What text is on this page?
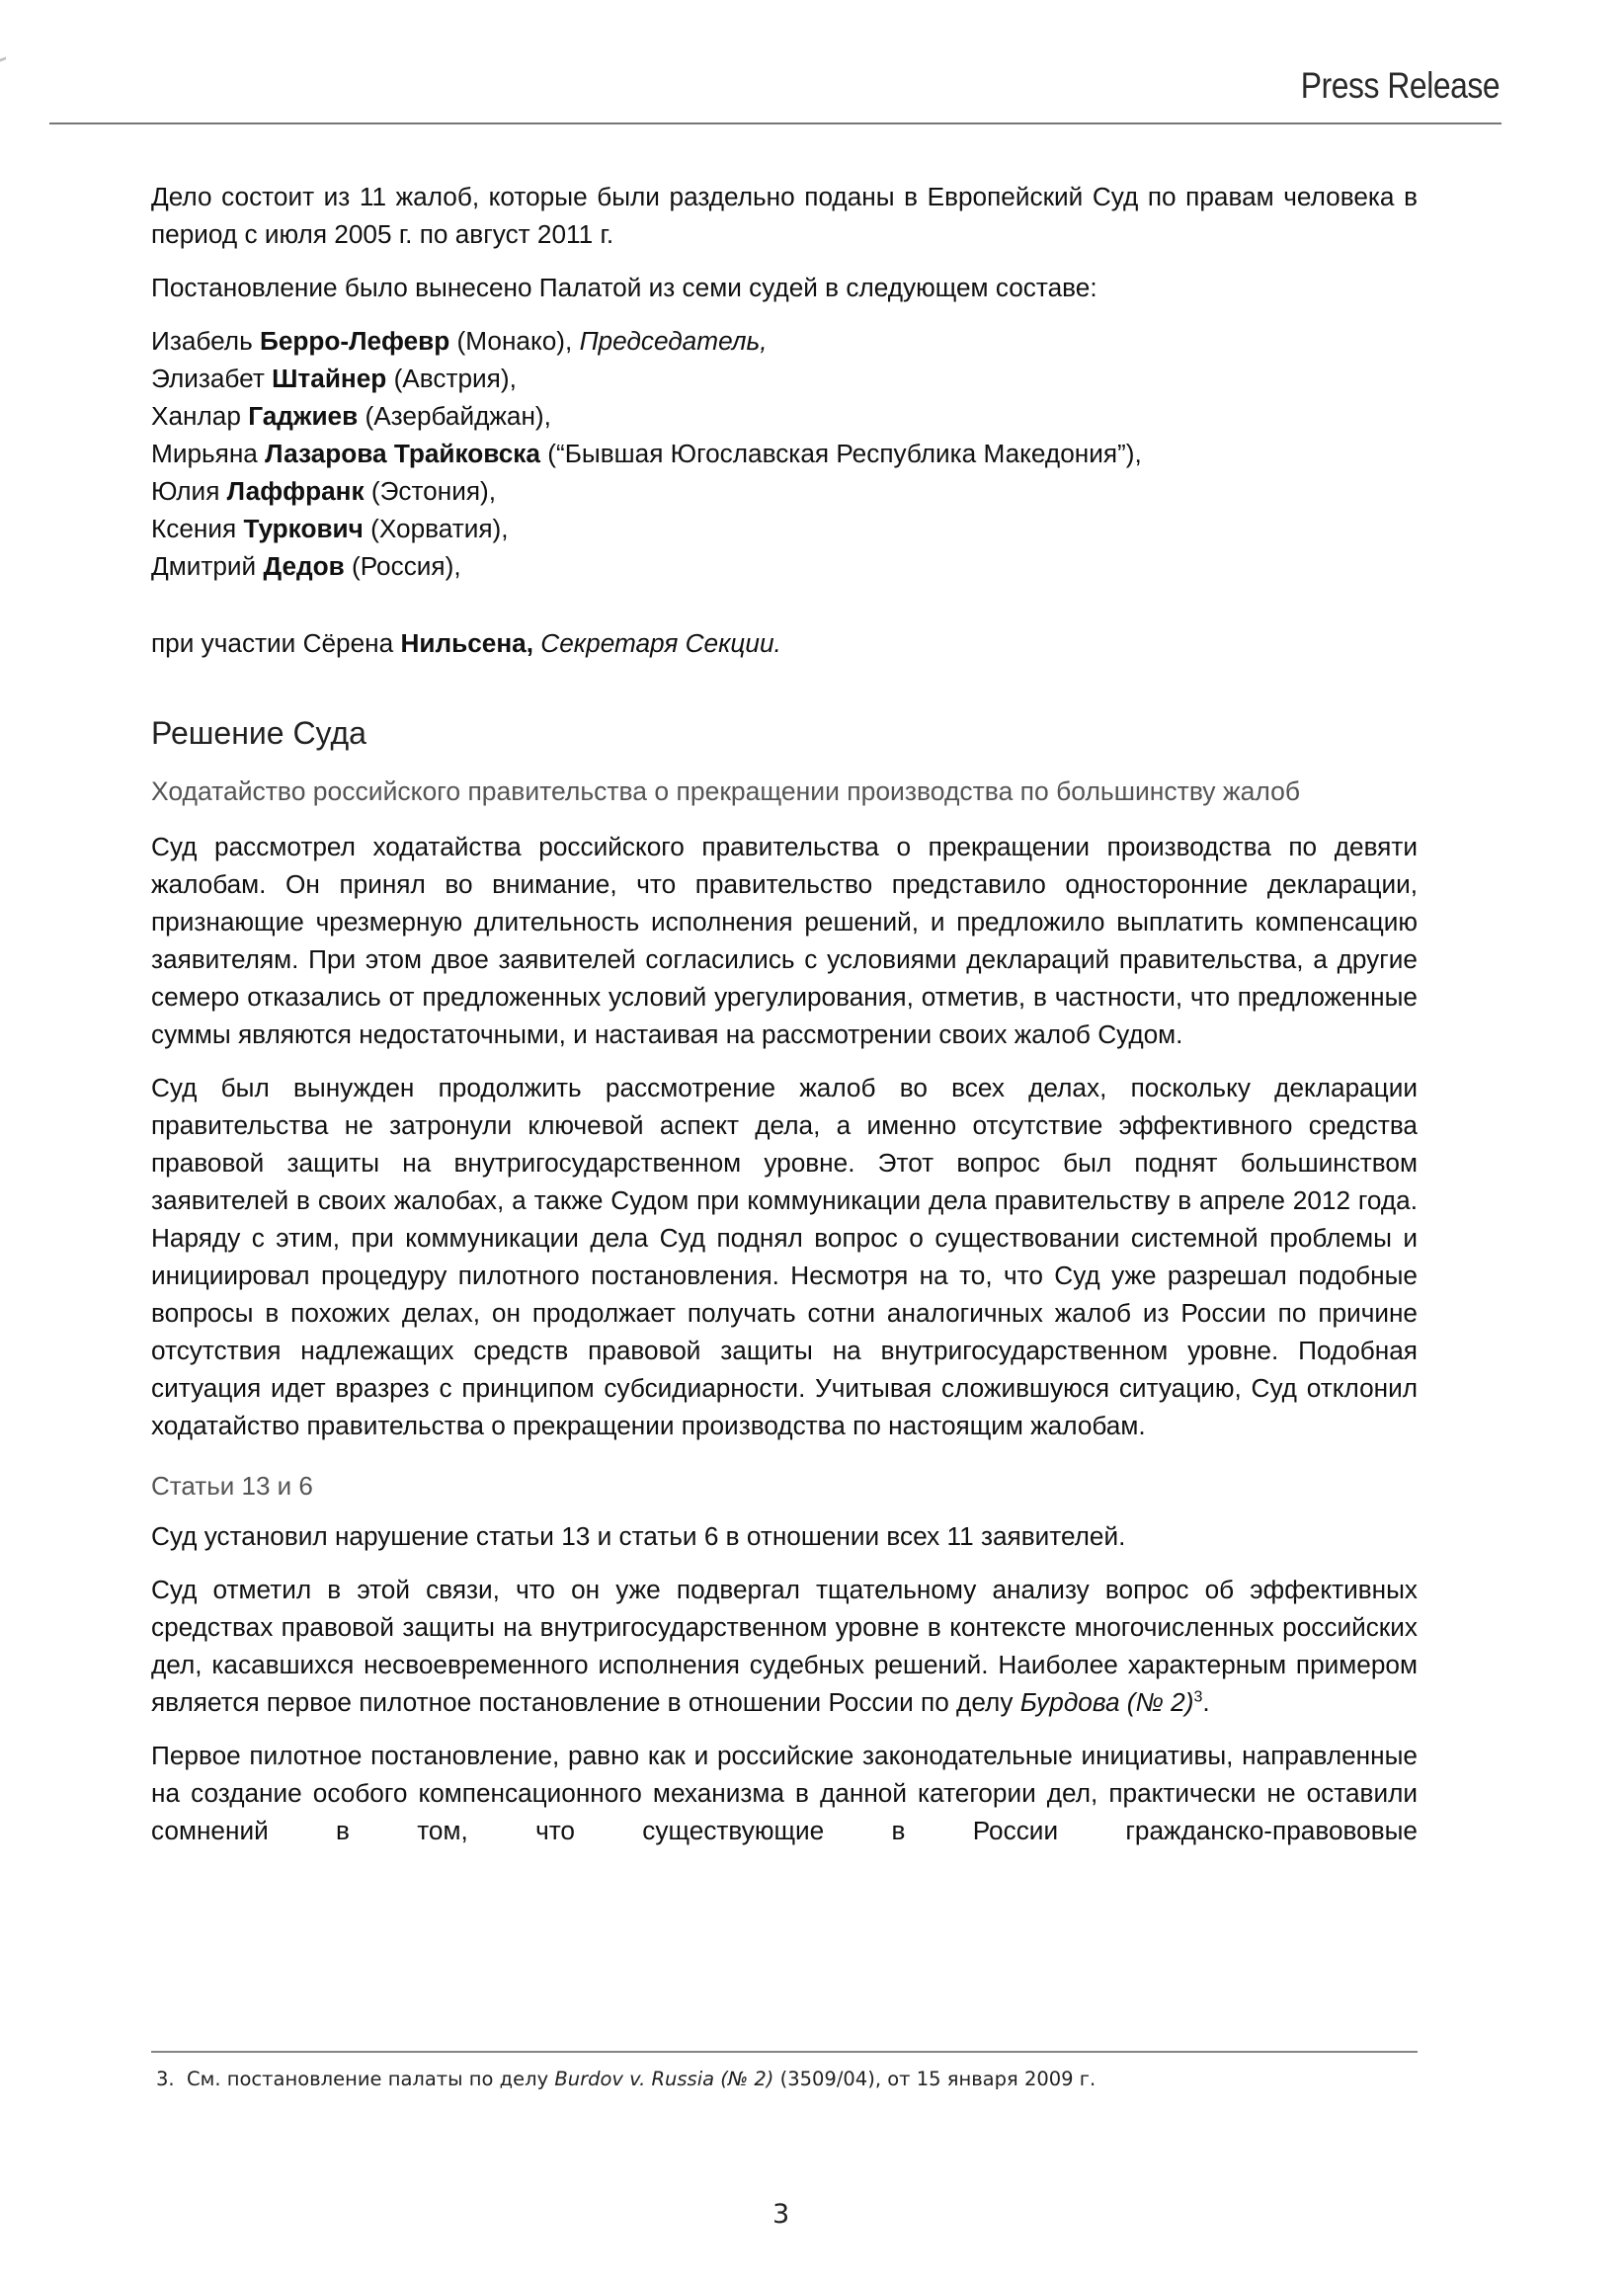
Press Release

Дело состоит из 11 жалоб, которые были раздельно поданы в Европейский Суд по правам человека в период с июля 2005 г. по август 2011 г.

Постановление было вынесено Палатой из семи судей в следующем составе:

Изабель Берро-Лефевр (Монако), Председатель,

Элизабет Штайнер (Австрия),

Ханлар Гаджиев (Азербайджан),

Мирьяна Лазарова Трайковска (“Бывшая Югославская Республика Македония”),

Юлия Лаффранк (Эстония),

Ксения Туркович (Хорватия),

Дмитрий Дедов (Россия),

при участии Сёрена Нильсена, Секретаря Секции.

Решение Суда
Ходатайство российского правительства о прекращении производства по большинству жалоб

Суд рассмотрел ходатайства российского правительства о прекращении производства по девяти жалобам. Он принял во внимание, что правительство представило односторонние декларации, признающие чрезмерную длительность исполнения решений, и предложило выплатить компенсацию заявителям. При этом двое заявителей согласились с условиями деклараций правительства, а другие семеро отказались от предложенных условий урегулирования, отметив, в частности, что предложенные суммы являются недостаточными, и настаивая на рассмотрении своих жалоб Судом.

Суд был вынужден продолжить рассмотрение жалоб во всех делах, поскольку декларации правительства не затронули ключевой аспект дела, а именно отсутствие эффективного средства правовой защиты на внутригосударственном уровне. Этот вопрос был поднят большинством заявителей в своих жалобах, а также Судом при коммуникации дела правительству в апреле 2012 года. Наряду с этим, при коммуникации дела Суд поднял вопрос о существовании системной проблемы и инициировал процедуру пилотного постановления. Несмотря на то, что Суд уже разрешал подобные вопросы в похожих делах, он продолжает получать сотни аналогичных жалоб из России по причине отсутствия надлежащих средств правовой защиты на внутригосударственном уровне. Подобная ситуация идет вразрез с принципом субсидиарности. Учитывая сложившуюся ситуацию, Суд отклонил ходатайство правительства о прекращении производства по настоящим жалобам.

Статьи 13 и 6

Суд установил нарушение статьи 13 и статьи 6 в отношении всех 11 заявителей.

Суд отметил в этой связи, что он уже подвергал тщательному анализу вопрос об эффективных средствах правовой защиты на внутригосударственном уровне в контексте многочисленных российских дел, касавшихся несвоевременного исполнения судебных решений. Наиболее характерным примером является первое пилотное постановление в отношении России по делу Бурдова (№ 2)$^3$.

Первое пилотное постановление, равно как и российские законодательные инициативы, направленные на создание особого компенсационного механизма в данной категории дел, практически не оставили сомнений в том, что существующие в России гражданско-правововые

3. См. постановление палаты по делу Burdov v. Russia (№ 2) (3509/04), от 15 января 2009 г.
3
